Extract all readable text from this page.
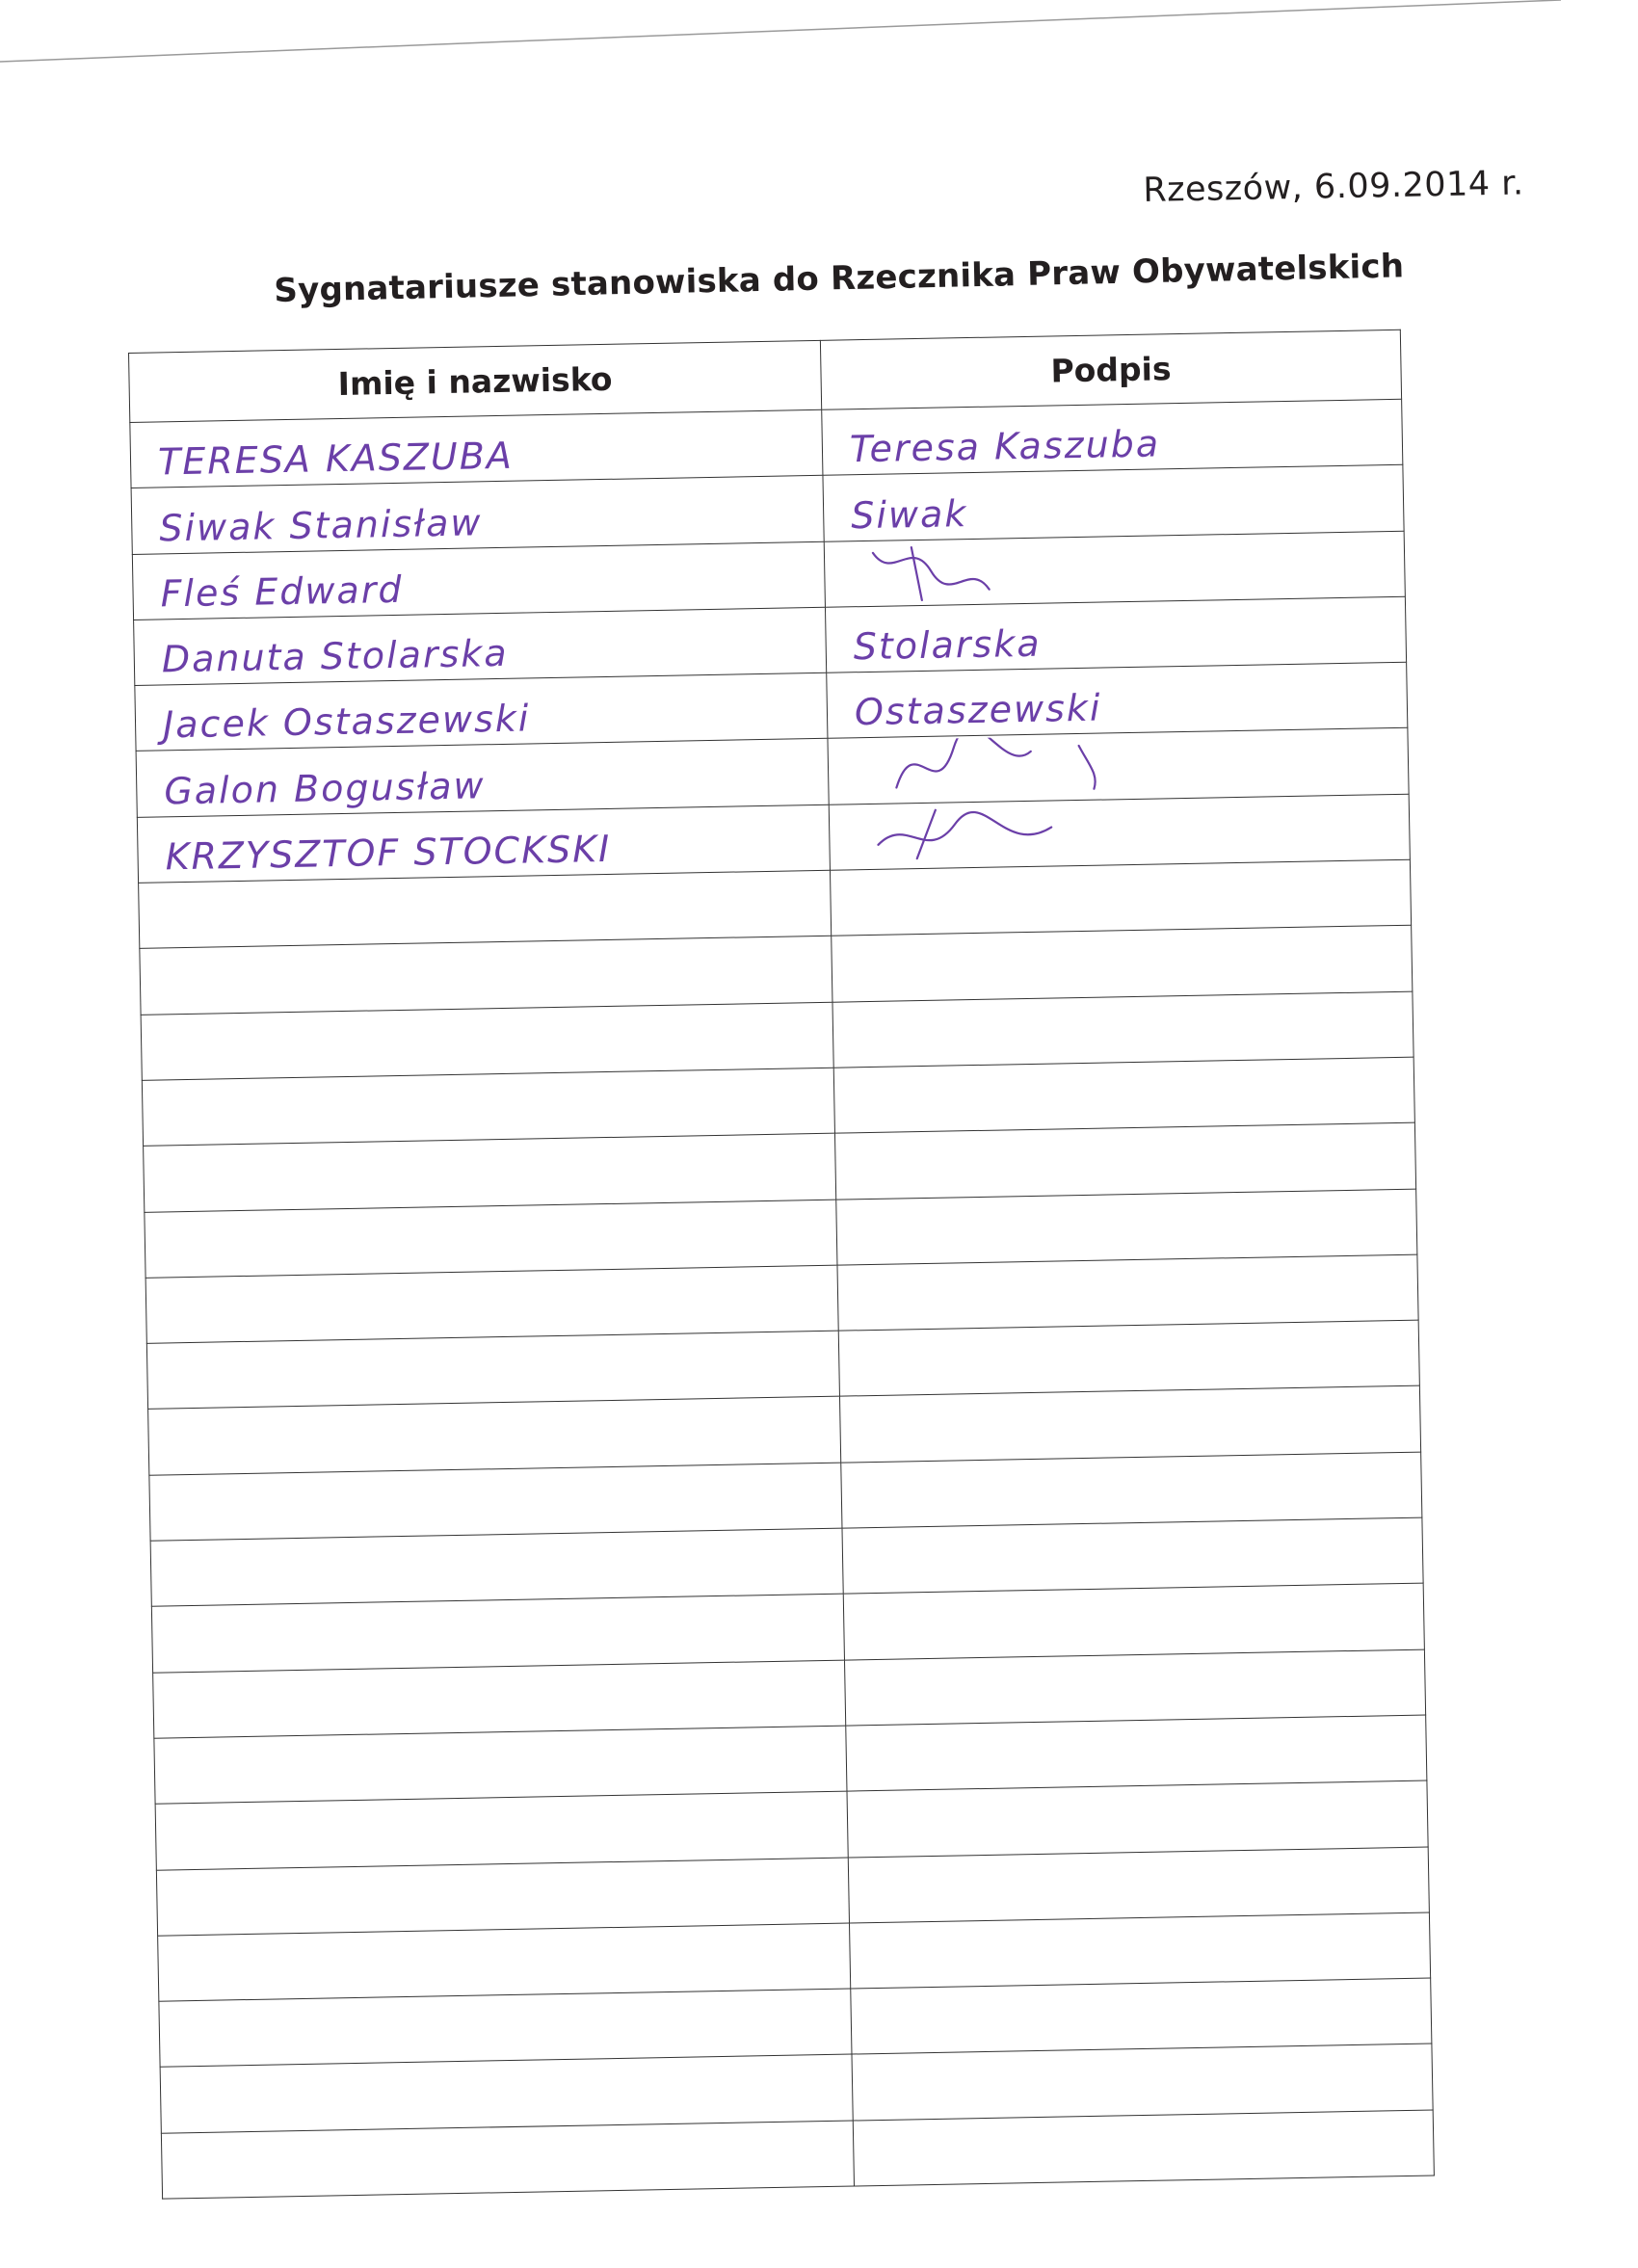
Rzeszów, 6.09.2014 r.
Sygnatariusze stanowiska do Rzecznika Praw Obywatelskich
Imię i nazwisko	Podpis

TERESA KASZUBA	Teresa Kaszuba

Siwak Stanisław	Siwak

Fleś Edward

Danuta Stolarska	Stolarska

Jacek Ostaszewski	Ostaszewski

Galon Bogusław

KRZYSZTOF STOCKSKI
